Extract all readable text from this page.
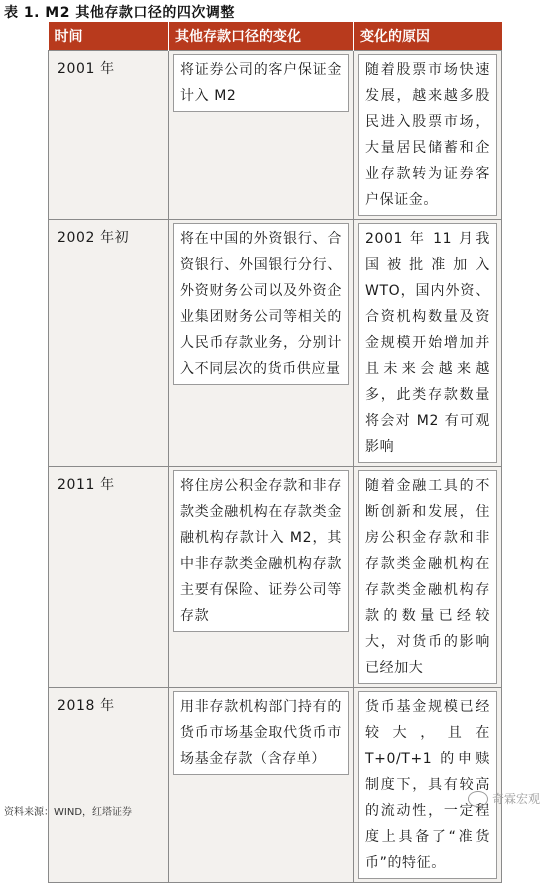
表 1. M2 其他存款口径的四次调整
时间	其他存款口径的变化	变化的原因

2001 年	将证券公司的客户保证金计入 M2	随着股票市场快速发展，越来越多股民进入股票市场，大量居民储蓄和企业存款转为证券客户保证金。

2002 年初	将在中国的外资银行、合资银行、外国银行分行、外资财务公司以及外资企业集团财务公司等相关的人民币存款业务，分别计入不同层次的货币供应量	2001 年 11 月我国被批准加入 WTO，国内外资、合资机构数量及资金规模开始增加并且未来会越来越多，此类存款数量将会对 M2 有可观影响

2011 年	将住房公积金存款和非存款类金融机构在存款类金融机构存款计入 M2，其中非存款类金融机构存款主要有保险、证券公司等存款	随着金融工具的不断创新和发展，住房公积金存款和非存款类金融机构在存款类金融机构存款的数量已经较大，对货币的影响已经加大

2018 年	用非存款机构部门持有的货币市场基金取代货币市场基金存款（含存单）	货币基金规模已经较大，且在 T+0/T+1 的申赎制度下，具有较高的流动性，一定程度上具备了“准货币”的特征。
资料来源：WIND，红塔证券
奇霖宏观
